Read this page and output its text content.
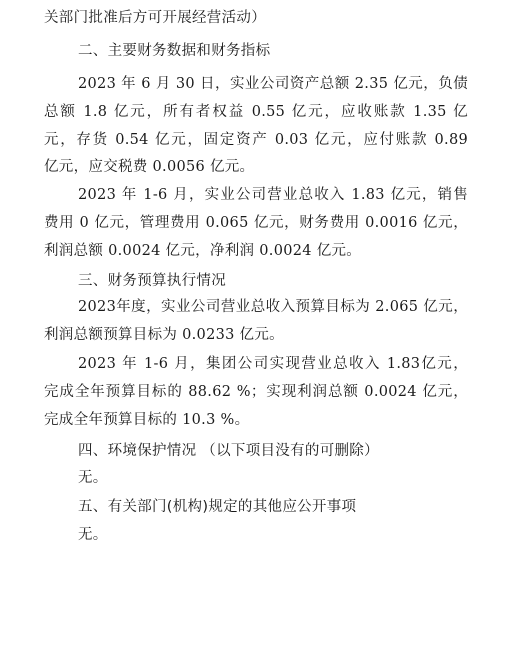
关部门批准后方可开展经营活动）
二、主要财务数据和财务指标
2023 年 6 月 30 日，实业公司资产总额 2.35 亿元，负债
总额 1.8 亿元，所有者权益 0.55 亿元，应收账款 1.35 亿
元，存货 0.54 亿元，固定资产 0.03 亿元，应付账款 0.89
亿元，应交税费 0.0056 亿元。
2023 年 1-6 月，实业公司营业总收入 1.83 亿元，销售
费用 0 亿元，管理费用 0.065 亿元，财务费用 0.0016 亿元，
利润总额 0.0024 亿元，净利润 0.0024 亿元。
三、财务预算执行情况
2023年度，实业公司营业总收入预算目标为 2.065 亿元，
利润总额预算目标为 0.0233 亿元。
2023 年 1-6 月，集团公司实现营业总收入 1.83亿元，
完成全年预算目标的 88.62 %；实现利润总额 0.0024 亿元，
完成全年预算目标的 10.3 %。
四、环境保护情况 （以下项目没有的可删除）
无。
五、有关部门(机构)规定的其他应公开事项
无。
